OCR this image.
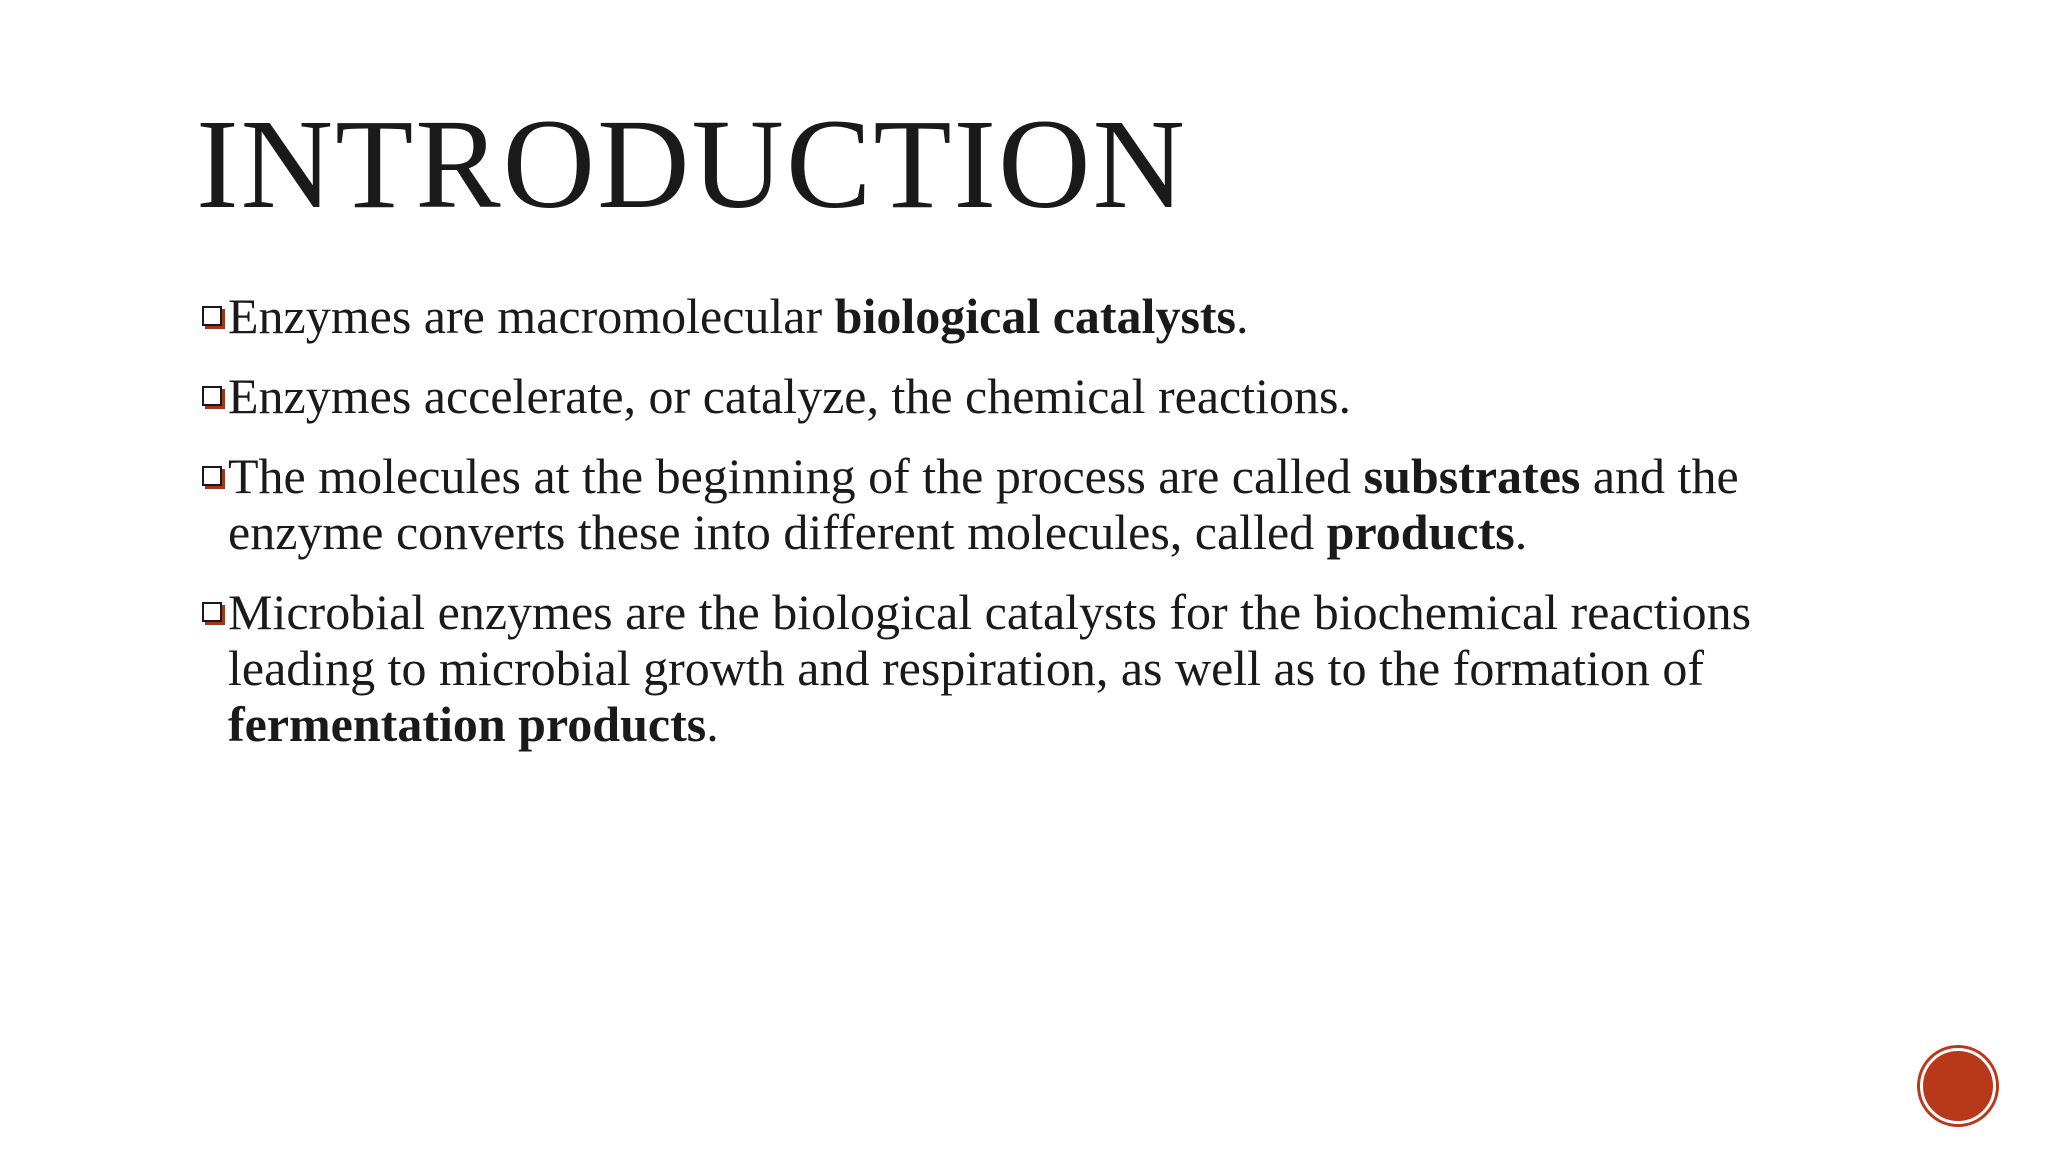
INTRODUCTION
Enzymes are macromolecular biological catalysts.
Enzymes accelerate, or catalyze, the chemical reactions.
The molecules at the beginning of the process are called substrates and the enzyme converts these into different molecules, called products.
Microbial enzymes are the biological catalysts for the biochemical reactions leading to microbial growth and respiration, as well as to the formation of fermentation products.
